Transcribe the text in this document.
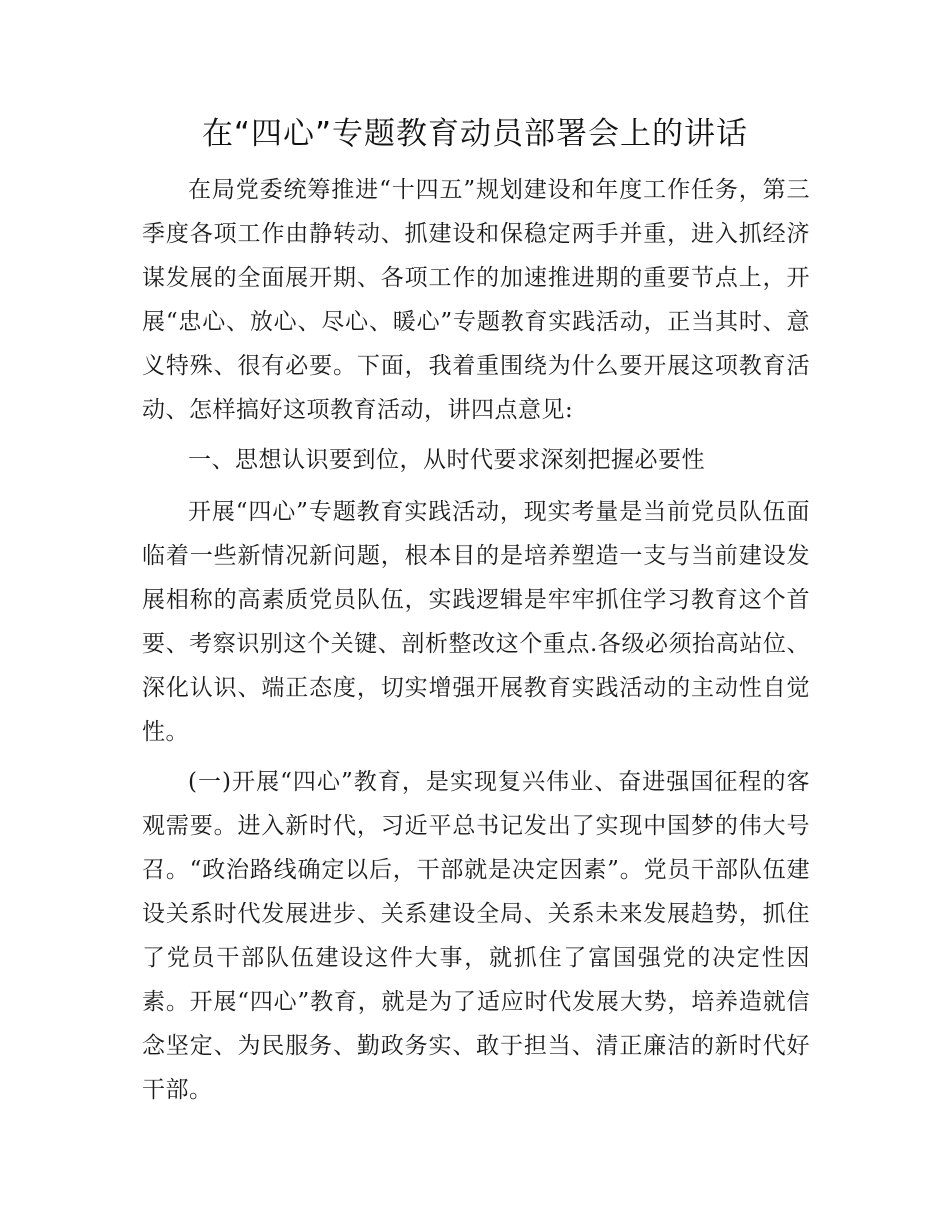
在“四心”专题教育动员部署会上的讲话

在局党委统筹推进“十四五”规划建设和年度工作任务，第三季度各项工作由静转动、抓建设和保稳定两手并重，进入抓经济谋发展的全面展开期、各项工作的加速推进期的重要节点上，开展“忠心、放心、尽心、暖心”专题教育实践活动，正当其时、意义特殊、很有必要。下面，我着重围绕为什么要开展这项教育活动、怎样搞好这项教育活动，讲四点意见:

一、思想认识要到位，从时代要求深刻把握必要性

开展“四心”专题教育实践活动，现实考量是当前党员队伍面临着一些新情况新问题，根本目的是培养塑造一支与当前建设发展相称的高素质党员队伍，实践逻辑是牢牢抓住学习教育这个首要、考察识别这个关键、剖析整改这个重点.各级必须抬高站位、深化认识、端正态度，切实增强开展教育实践活动的主动性自觉性。

(一)开展“四心”教育，是实现复兴伟业、奋进强国征程的客观需要。进入新时代，习近平总书记发出了实现中国梦的伟大号召。“政治路线确定以后，干部就是决定因素”。党员干部队伍建设关系时代发展进步、关系建设全局、关系未来发展趋势，抓住了党员干部队伍建设这件大事，就抓住了富国强党的决定性因素。开展“四心”教育，就是为了适应时代发展大势，培养造就信念坚定、为民服务、勤政务实、敢于担当、清正廉洁的新时代好干部。
